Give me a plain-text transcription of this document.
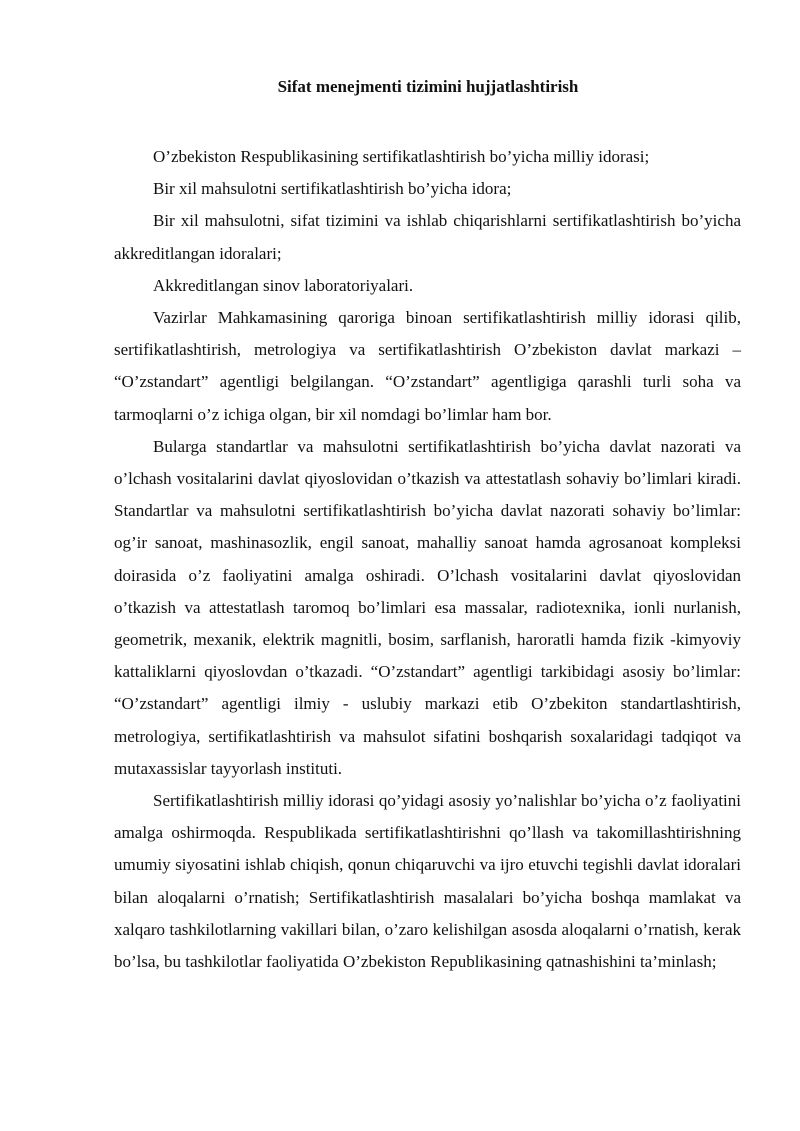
Sifat menejmenti tizimini hujjatlashtirish

O’zbekiston Respublikasining sertifikatlashtirish bo’yicha milliy idorasi;

Bir xil mahsulotni sertifikatlashtirish bo’yicha idora;

Bir xil mahsulotni, sifat tizimini va ishlab chiqarishlarni sertifikatlashtirish bo’yicha akkreditlangan idoralari;

Akkreditlangan sinov laboratoriyalari.

Vazirlar Mahkamasining qaroriga binoan sertifikatlashtirish milliy idorasi qilib, sertifikatlashtirish, metrologiya va sertifikatlashtirish O’zbekiston davlat markazi – “O’zstandart” agentligi belgilangan. “O’zstandart” agentligiga qarashli turli soha va tarmoqlarni o’z ichiga olgan, bir xil nomdagi bo’limlar ham bor.

Bularga standartlar va mahsulotni sertifikatlashtirish bo’yicha davlat nazorati va o’lchash vositalarini davlat qiyoslovidan o’tkazish va attestatlash sohaviy bo’limlari kiradi. Standartlar va mahsulotni sertifikatlashtirish bo’yicha davlat nazorati sohaviy bo’limlar: og’ir sanoat, mashinasozlik, engil sanoat, mahalliy sanoat hamda agrosanoat kompleksi doirasida o’z faoliyatini amalga oshiradi. O’lchash vositalarini davlat qiyoslovidan o’tkazish va attestatlash taromoq bo’limlari esa massalar, radiotexnika, ionli nurlanish, geometrik, mexanik, elektrik magnitli, bosim, sarflanish, haroratli hamda fizik -kimyoviy kattaliklarni qiyoslovdan o’tkazadi. “O’zstandart” agentligi tarkibidagi asosiy bo’limlar: “O’zstandart” agentligi ilmiy - uslubiy markazi etib O’zbekiton standartlashtirish, metrologiya, sertifikatlashtirish va mahsulot sifatini boshqarish soxalaridagi tadqiqot va mutaxassislar tayyorlash instituti.

Sertifikatlashtirish milliy idorasi qo’yidagi asosiy yo’nalishlar bo’yicha o’z faoliyatini amalga oshirmoqda. Respublikada sertifikatlashtirishni qo’llash va takomillashtirishning umumiy siyosatini ishlab chiqish, qonun chiqaruvchi va ijro etuvchi tegishli davlat idoralari bilan aloqalarni o’rnatish; Sertifikatlashtirish masalalari bo’yicha boshqa mamlakat va xalqaro tashkilotlarning vakillari bilan, o’zaro kelishilgan asosda aloqalarni o’rnatish, kerak bo’lsa, bu tashkilotlar faoliyatida O’zbekiston Republikasining qatnashishini ta’minlash;
